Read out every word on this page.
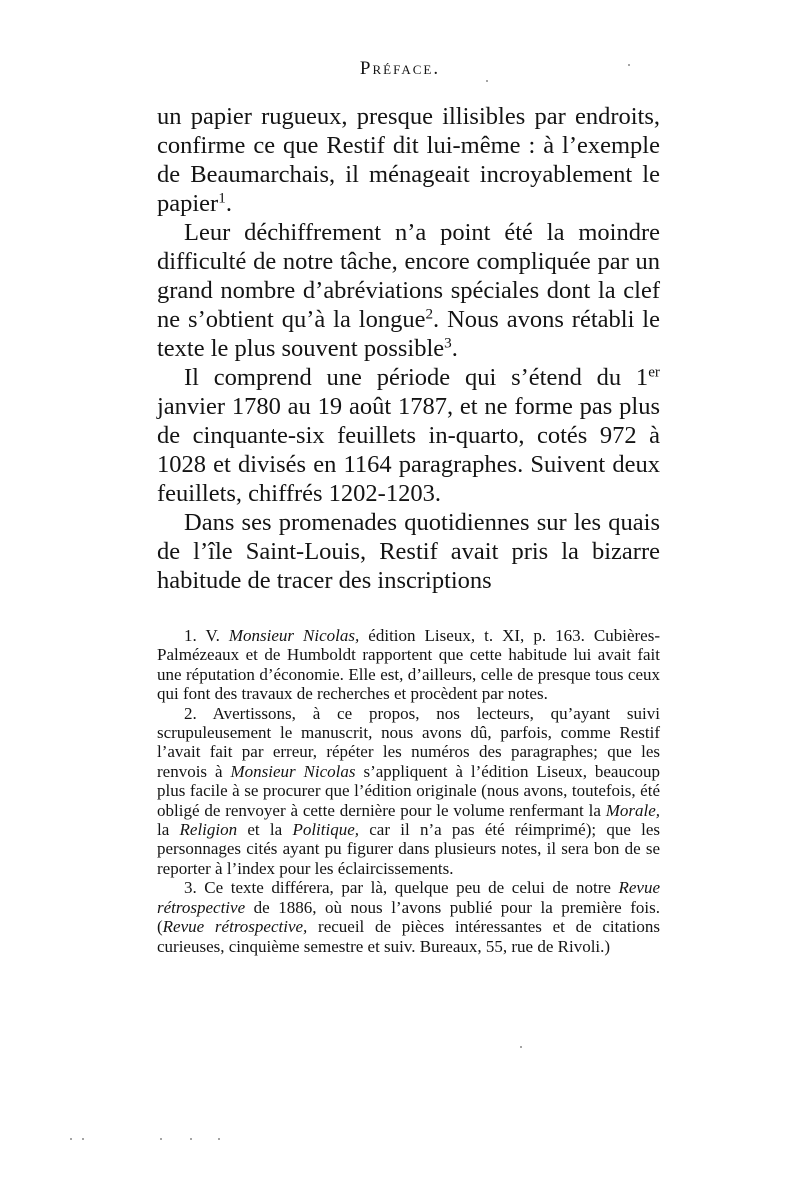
Préface.

un papier rugueux, presque illisibles par endroits, confirme ce que Restif dit lui-même : à l’exemple de Beaumarchais, il ménageait incroyablement le papier$^1$.

Leur déchiffrement n’a point été la moindre difficulté de notre tâche, encore compliquée par un grand nombre d’abréviations spéciales dont la clef ne s’obtient qu’à la longue$^2$. Nous avons rétabli le texte le plus souvent possible$^3$.

Il comprend une période qui s’étend du 1er janvier 1780 au 19 août 1787, et ne forme pas plus de cinquante-six feuillets in-quarto, cotés 972 à 1028 et divisés en 1164 paragraphes. Suivent deux feuillets, chiffrés 1202-1203.

Dans ses promenades quotidiennes sur les quais de l’île Saint-Louis, Restif avait pris la bizarre habitude de tracer des inscriptions

1. V. Monsieur Nicolas, édition Liseux, t. XI, p. 163. Cubières-Palmézeaux et de Humboldt rapportent que cette habitude lui avait fait une réputation d’économie. Elle est, d’ailleurs, celle de presque tous ceux qui font des travaux de recherches et procèdent par notes.

2. Avertissons, à ce propos, nos lecteurs, qu’ayant suivi scrupuleusement le manuscrit, nous avons dû, parfois, comme Restif l’avait fait par erreur, répéter les numéros des paragraphes; que les renvois à Monsieur Nicolas s’appliquent à l’édition Liseux, beaucoup plus facile à se procurer que l’édition originale (nous avons, toutefois, été obligé de renvoyer à cette dernière pour le volume renfermant la Morale, la Religion et la Politique, car il n’a pas été réimprimé); que les personnages cités ayant pu figurer dans plusieurs notes, il sera bon de se reporter à l’index pour les éclaircissements.

3. Ce texte différera, par là, quelque peu de celui de notre Revue rétrospective de 1886, où nous l’avons publié pour la première fois. (Revue rétrospective, recueil de pièces intéressantes et de citations curieuses, cinquième semestre et suiv. Bureaux, 55, rue de Rivoli.)
